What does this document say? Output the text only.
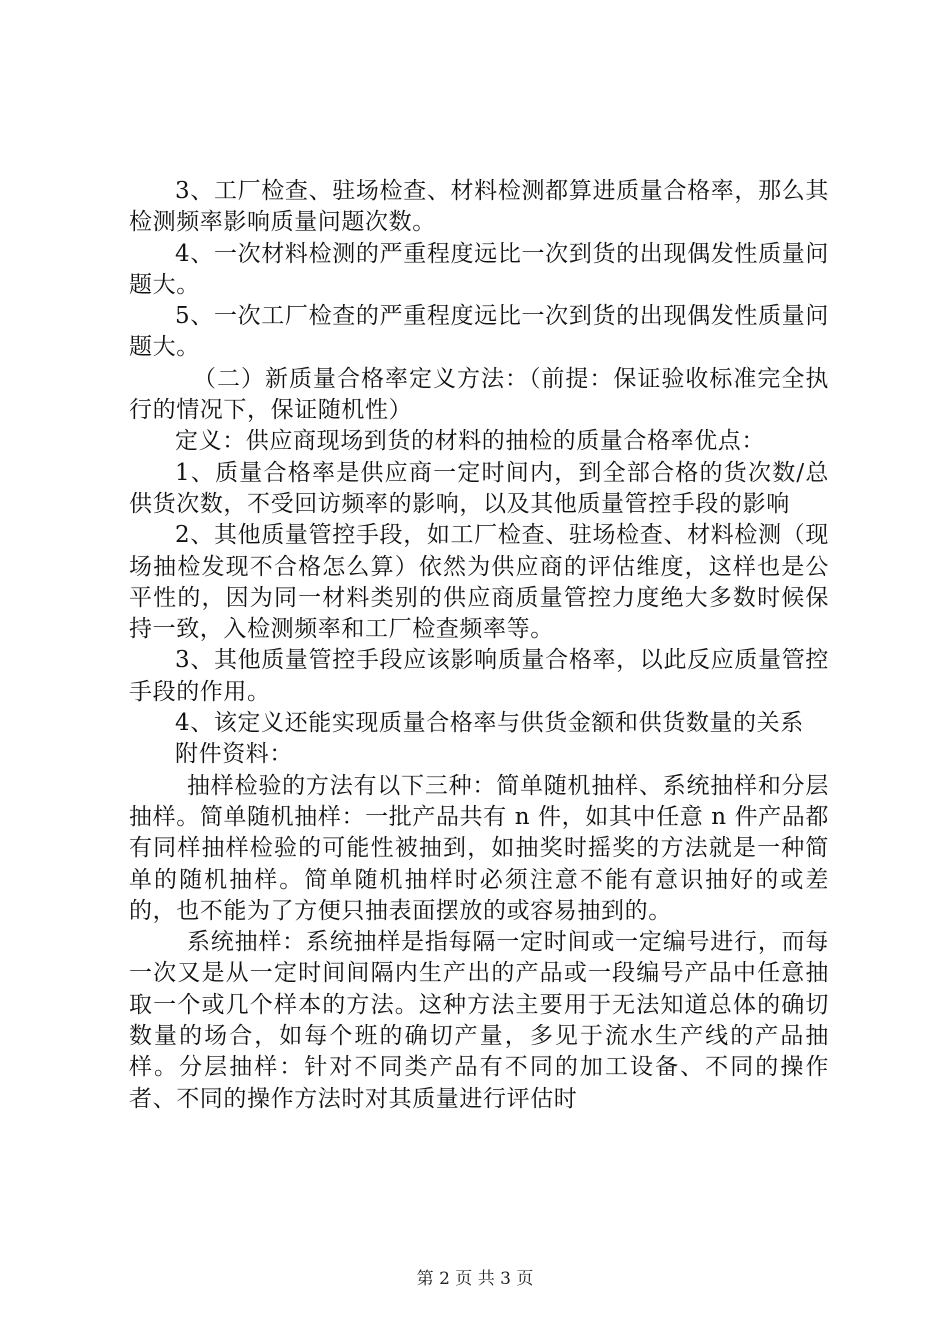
3、工厂检查、驻场检查、材料检测都算进质量合格率，那么其检测频率影响质量问题次数。

4、一次材料检测的严重程度远比一次到货的出现偶发性质量问题大。

5、一次工厂检查的严重程度远比一次到货的出现偶发性质量问题大。

（二）新质量合格率定义方法：（前提：保证验收标准完全执行的情况下，保证随机性）

定义：供应商现场到货的材料的抽检的质量合格率优点：

1、质量合格率是供应商一定时间内，到全部合格的货次数/总供货次数，不受回访频率的影响，以及其他质量管控手段的影响

2、其他质量管控手段，如工厂检查、驻场检查、材料检测（现场抽检发现不合格怎么算）依然为供应商的评估维度，这样也是公平性的，因为同一材料类别的供应商质量管控力度绝大多数时候保持一致，入检测频率和工厂检查频率等。

3、其他质量管控手段应该影响质量合格率，以此反应质量管控手段的作用。

4、该定义还能实现质量合格率与供货金额和供货数量的关系

附件资料：

抽样检验的方法有以下三种：简单随机抽样、系统抽样和分层抽样。简单随机抽样：一批产品共有 n 件，如其中任意 n 件产品都有同样抽样检验的可能性被抽到，如抽奖时摇奖的方法就是一种简单的随机抽样。简单随机抽样时必须注意不能有意识抽好的或差的，也不能为了方便只抽表面摆放的或容易抽到的。

系统抽样：系统抽样是指每隔一定时间或一定编号进行，而每一次又是从一定时间间隔内生产出的产品或一段编号产品中任意抽取一个或几个样本的方法。这种方法主要用于无法知道总体的确切数量的场合，如每个班的确切产量，多见于流水生产线的产品抽样。分层抽样：针对不同类产品有不同的加工设备、不同的操作者、不同的操作方法时对其质量进行评估时

第 2 页 共 3 页
